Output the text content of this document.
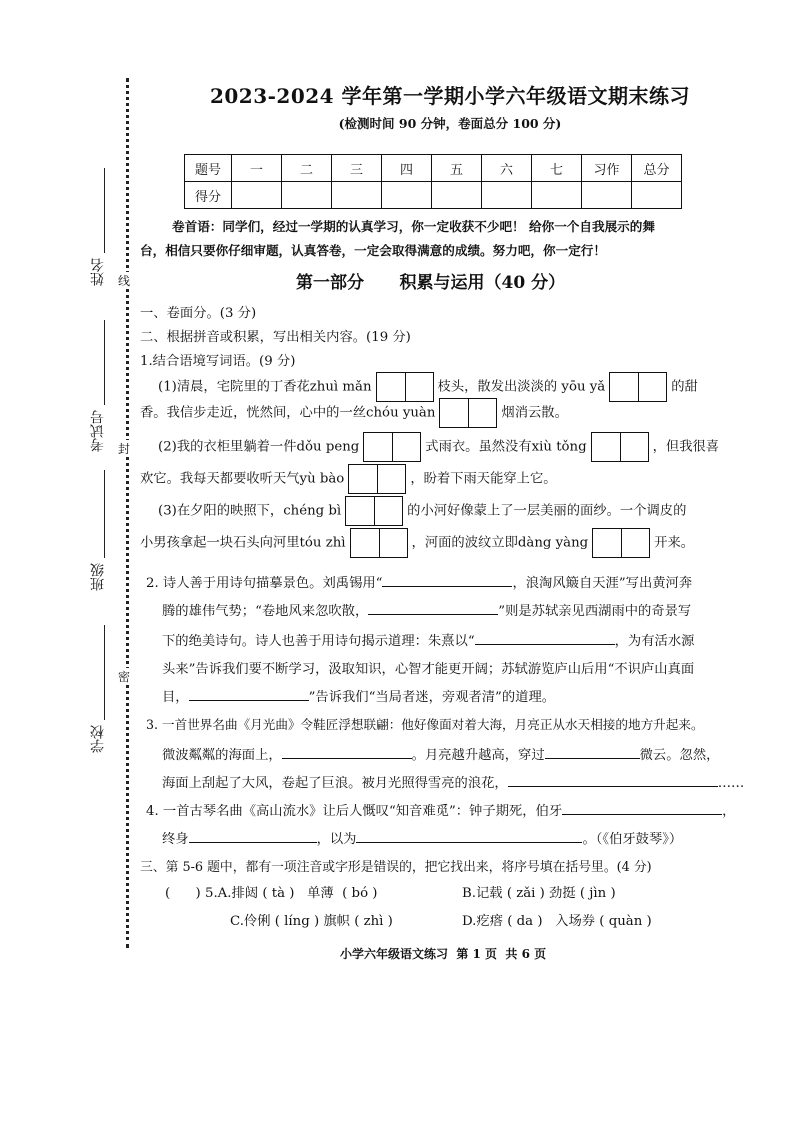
线
封
密
姓名
考试号
班级
学校
2023-2024 学年第一学期小学六年级语文期末练习
(检测时间 90 分钟，卷面总分 100 分)
题号	一	二	三	四	五	六	七	习作	总分
得分									
卷首语：同学们，经过一学期的认真学习，你一定收获不少吧！ 给你一个自我展示的舞
台，相信只要你仔细审题，认真答卷，一定会取得满意的成绩。努力吧，你一定行！
第一部分      积累与运用（40 分）
一、卷面分。(3 分)
二、根据拼音或积累，写出相关内容。(19 分)
1.结合语境写词语。(9 分)
(1)清晨，宅院里的丁香花zhuì mǎn	枝头，散发出淡淡的 yōu yǎ	的甜
香。我信步走近，恍然间，心中的一丝chóu yuàn	烟消云散。
(2)我的衣柜里躺着一件dǒu peng	式雨衣。虽然没有xiù tǒng	，但我很喜
欢它。我每天都要收听天气yù bào	，盼着下雨天能穿上它。
(3)在夕阳的映照下，chéng bì	的小河好像蒙上了一层美丽的面纱。一个调皮的
小男孩拿起一块石头向河里tóu zhì	，河面的波纹立即dàng yàng	开来。
2. 诗人善于用诗句描摹景色。刘禹锡用“	，浪淘风簸自天涯”写出黄河奔
腾的雄伟气势；“卷地风来忽吹散，	”则是苏轼亲见西湖雨中的奇景写
下的绝美诗句。诗人也善于用诗句揭示道理：朱熹以“	，为有活水源
头来”告诉我们要不断学习，汲取知识，心智才能更开阔；苏轼游览庐山后用“不识庐山真面
目，	”告诉我们“当局者迷，旁观者清”的道理。
3. 一首世界名曲《月光曲》令鞋匠浮想联翩：他好像面对着大海，月亮正从水天相接的地方升起来。
微波粼粼的海面上，	。月亮越升越高，穿过	微云。忽然，
海面上刮起了大风，卷起了巨浪。被月光照得雪亮的浪花，	……
4. 一首古琴名曲《高山流水》让后人慨叹“知音难觅”：钟子期死，伯牙	，
终身	，以为	。（《伯牙鼓琴》）
三、第 5-6 题中，都有一项注音或字形是错误的，把它找出来，将序号填在括号里。(4 分)
(      ) 5.A.排闼 ( tà )   单薄  ( bó )	B.记载 ( zǎi ) 劲挺 ( jìn )
C.伶俐 ( líng ) 旗帜 ( zhì )	D.疙瘩 ( da )   入场券 ( quàn )
小学六年级语文练习  第 1 页  共 6 页
